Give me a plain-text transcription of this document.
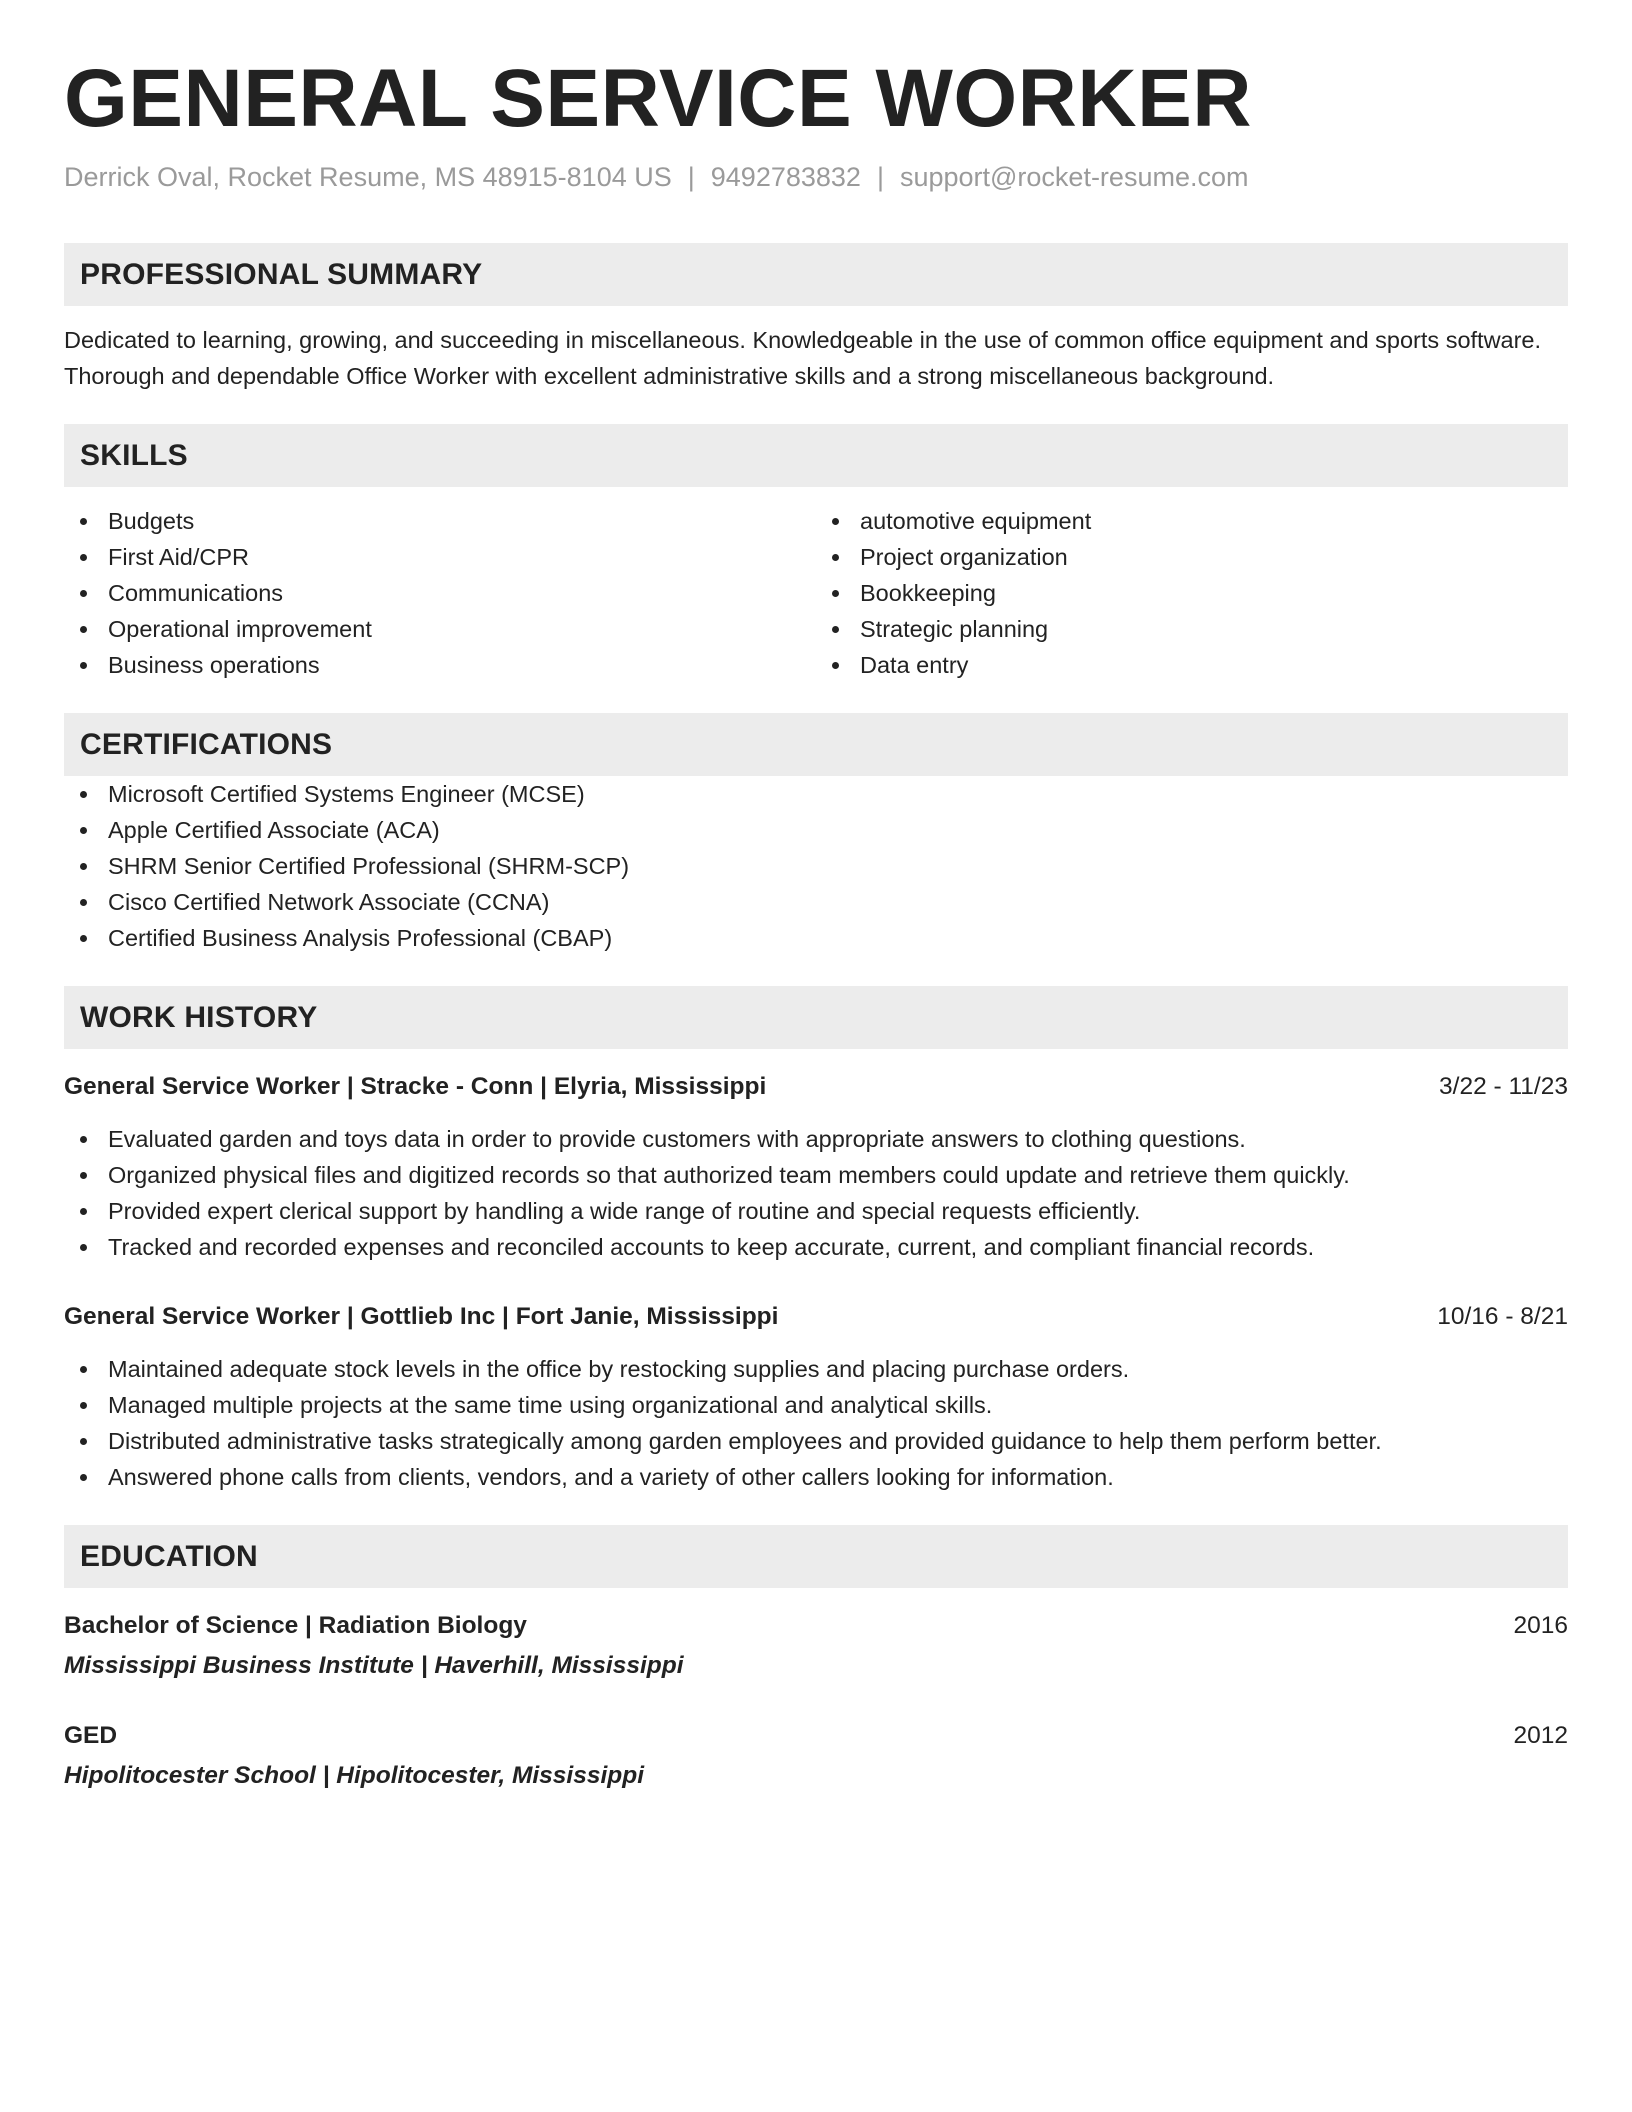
GENERAL SERVICE WORKER
Derrick Oval, Rocket Resume, MS 48915-8104 US | 9492783832 | support@rocket-resume.com
PROFESSIONAL SUMMARY
Dedicated to learning, growing, and succeeding in miscellaneous. Knowledgeable in the use of common office equipment and sports software. Thorough and dependable Office Worker with excellent administrative skills and a strong miscellaneous background.
SKILLS
Budgets
First Aid/CPR
Communications
Operational improvement
Business operations
automotive equipment
Project organization
Bookkeeping
Strategic planning
Data entry
CERTIFICATIONS
Microsoft Certified Systems Engineer (MCSE)
Apple Certified Associate (ACA)
SHRM Senior Certified Professional (SHRM-SCP)
Cisco Certified Network Associate (CCNA)
Certified Business Analysis Professional (CBAP)
WORK HISTORY
General Service Worker | Stracke - Conn | Elyria, Mississippi	3/22 - 11/23
Evaluated garden and toys data in order to provide customers with appropriate answers to clothing questions.
Organized physical files and digitized records so that authorized team members could update and retrieve them quickly.
Provided expert clerical support by handling a wide range of routine and special requests efficiently.
Tracked and recorded expenses and reconciled accounts to keep accurate, current, and compliant financial records.
General Service Worker | Gottlieb Inc | Fort Janie, Mississippi	10/16 - 8/21
Maintained adequate stock levels in the office by restocking supplies and placing purchase orders.
Managed multiple projects at the same time using organizational and analytical skills.
Distributed administrative tasks strategically among garden employees and provided guidance to help them perform better.
Answered phone calls from clients, vendors, and a variety of other callers looking for information.
EDUCATION
Bachelor of Science | Radiation Biology	2016
Mississippi Business Institute | Haverhill, Mississippi
GED	2012
Hipolitocester School | Hipolitocester, Mississippi
